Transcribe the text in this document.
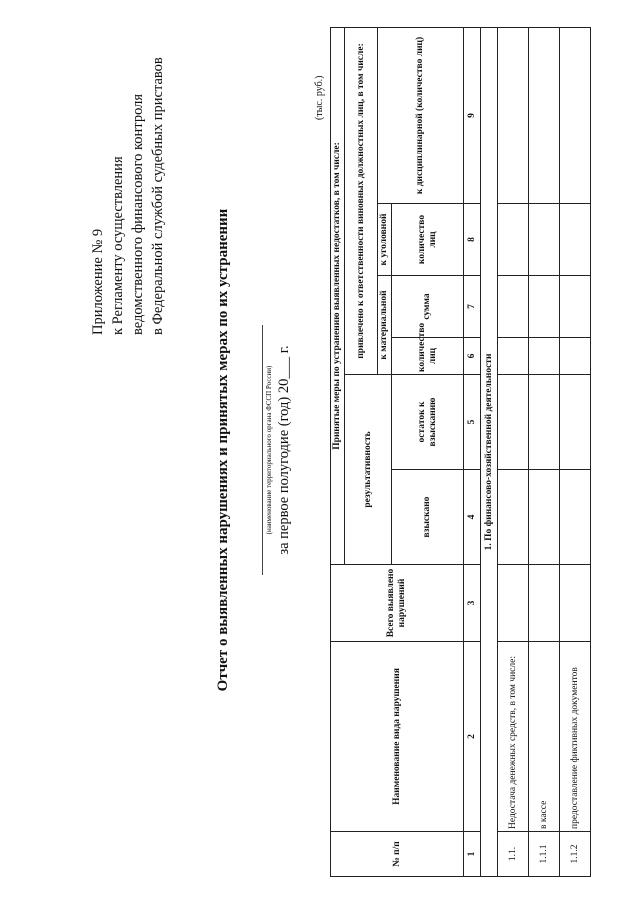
Приложение № 9 к Регламенту осуществления ведомственного финансового контроля в Федеральной службой судебных приставов
Отчет о выявленных нарушениях и принятых мерах по их устранении	(наименование территориального органа ФССП России) за первое полугодие (год) 20___ г.
(тыс. руб.)
№ п/п	Наименование вида нарушения	Всего выявлено нарушений	Принятые меры по устранению выявленных недостатков, в том числе:					
			результативность		привлечено к ответственности виновных должностных лиц, в том числе:			
					к материальной		к уголовной	к дисциплинарной (количество лиц)
			взыскано	остаток к взысканию	количество лиц	сумма	количество лиц	
1	2	3	4	5	6	7	8	9
1. По финансово-хозяйственной деятельности								
1.1.	Недостача денежных средств, в том числе:							
1.1.1	в кассе							
1.1.2	предоставление фиктивных документов							
